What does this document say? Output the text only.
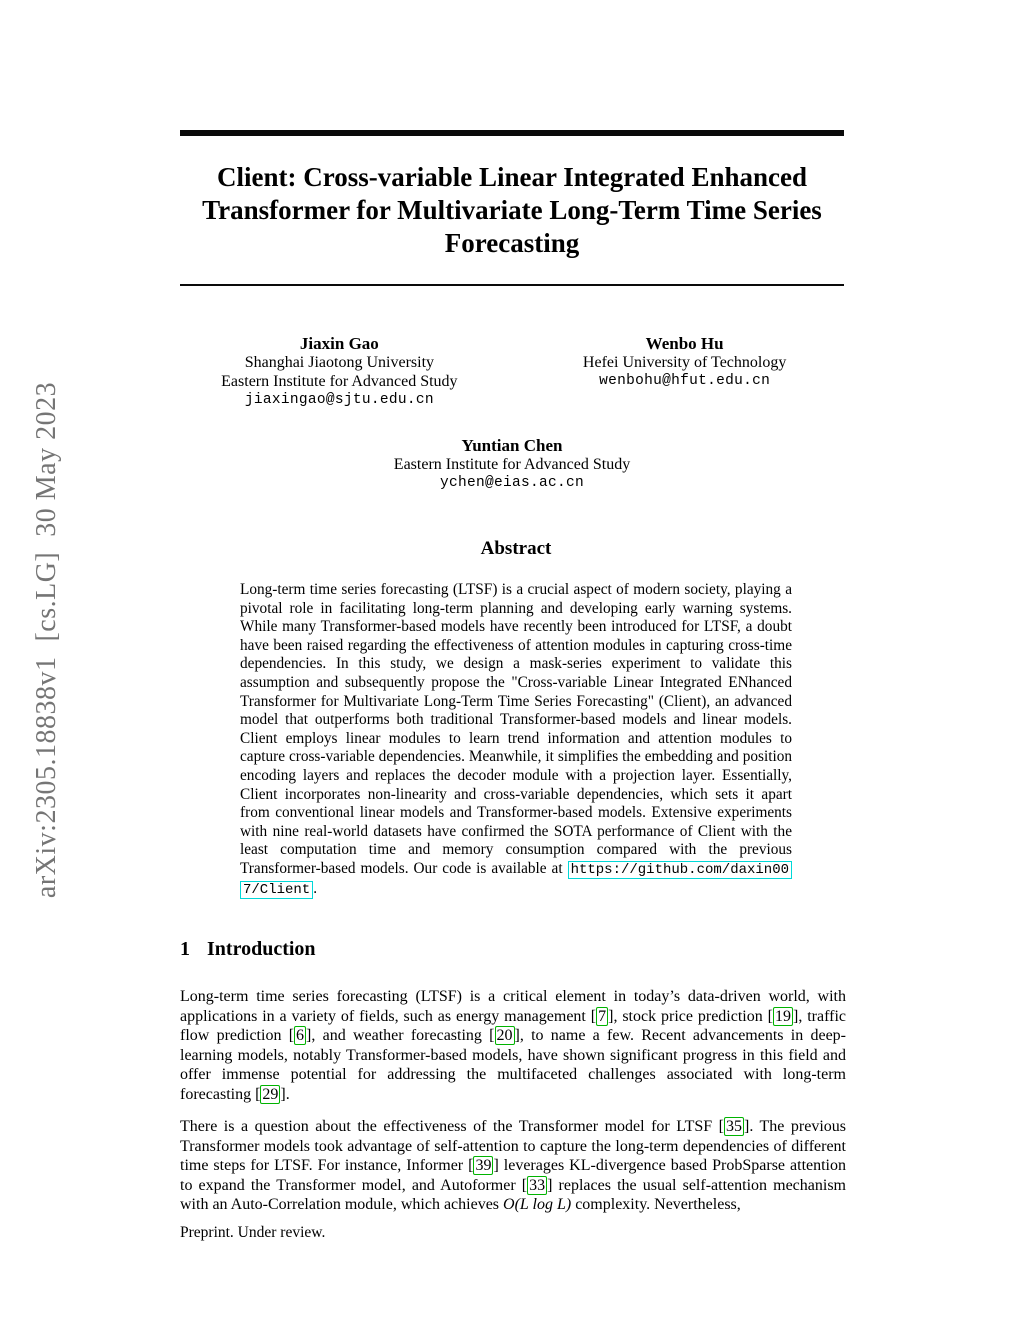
arXiv:2305.18838v1  [cs.LG]  30 May 2023
Client: Cross-variable Linear Integrated Enhanced
Transformer for Multivariate Long-Term Time Series
Forecasting
Jiaxin Gao
Shanghai Jiaotong University
Eastern Institute for Advanced Study
jiaxingao@sjtu.edu.cn
Wenbo Hu
Hefei University of Technology
wenbohu@hfut.edu.cn
Yuntian Chen
Eastern Institute for Advanced Study
ychen@eias.ac.cn
Abstract

Long-term time series forecasting (LTSF) is a crucial aspect of modern society, playing a pivotal role in facilitating long-term planning and developing early warning systems. While many Transformer-based models have recently been introduced for LTSF, a doubt have been raised regarding the effectiveness of attention modules in capturing cross-time dependencies. In this study, we design a mask-series experiment to validate this assumption and subsequently propose the "Cross-variable Linear Integrated ENhanced Transformer for Multivariate Long-Term Time Series Forecasting" (Client), an advanced model that outperforms both traditional Transformer-based models and linear models. Client employs linear modules to learn trend information and attention modules to capture cross-variable dependencies. Meanwhile, it simplifies the embedding and position encoding layers and replaces the decoder module with a projection layer. Essentially, Client incorporates non-linearity and cross-variable dependencies, which sets it apart from conventional linear models and Transformer-based models. Extensive experiments with nine real-world datasets have confirmed the SOTA performance of Client with the least computation time and memory consumption compared with the previous Transformer-based models. Our code is available at https://github.com/daxin007/Client .

1 Introduction

Long-term time series forecasting (LTSF) is a critical element in today’s data-driven world, with applications in a variety of fields, such as energy management [ 7 ], stock price prediction [ 19 ], traffic flow prediction [ 6 ], and weather forecasting [ 20 ], to name a few. Recent advancements in deep-learning models, notably Transformer-based models, have shown significant progress in this field and offer immense potential for addressing the multifaceted challenges associated with long-term forecasting [ 29 ].

There is a question about the effectiveness of the Transformer model for LTSF [ 35 ]. The previous Transformer models took advantage of self-attention to capture the long-term dependencies of different time steps for LTSF. For instance, Informer [ 39 ] leverages KL-divergence based ProbSparse attention to expand the Transformer model, and Autoformer [ 33 ] replaces the usual self-attention mechanism with an Auto-Correlation module, which achieves O(L log L) complexity. Nevertheless,

Preprint. Under review.
